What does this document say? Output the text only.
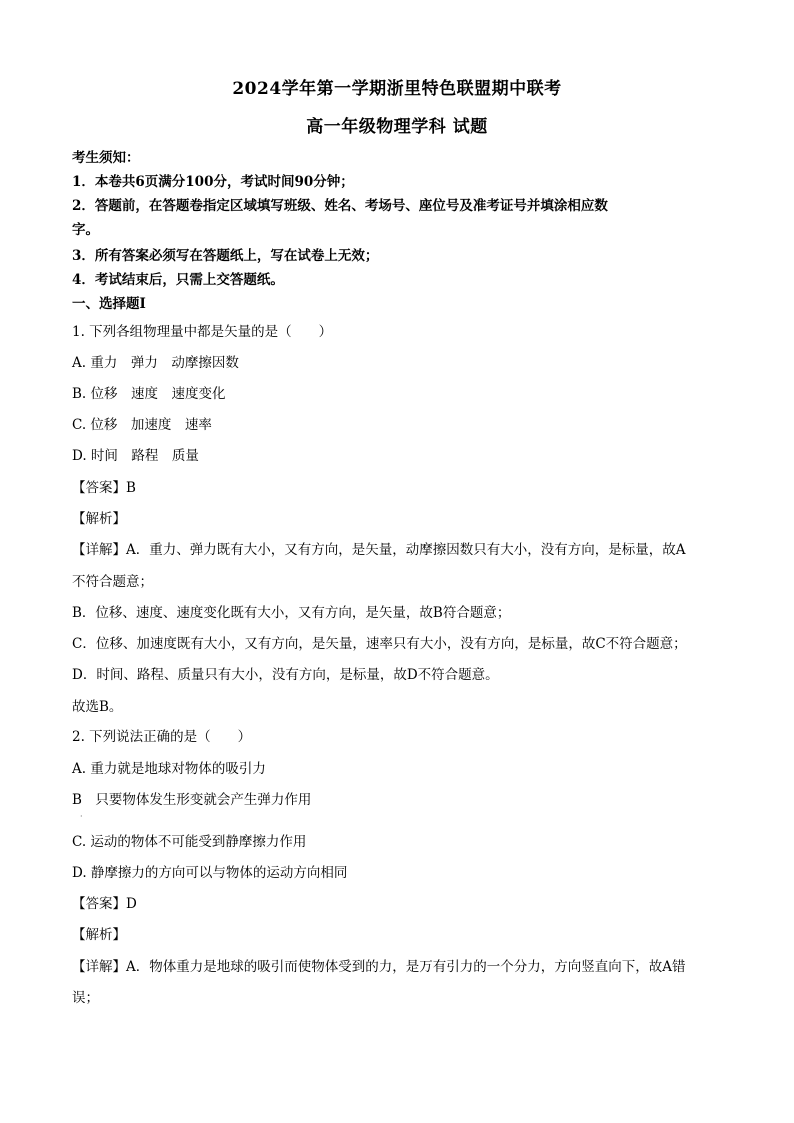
2024学年第一学期浙里特色联盟期中联考
高一年级物理学科 试题
考生须知：
1．本卷共6页满分100分，考试时间90分钟；
2．答题前，在答题卷指定区域填写班级、姓名、考场号、座位号及准考证号并填涂相应数
字。
3．所有答案必须写在答题纸上，写在试卷上无效；
4．考试结束后，只需上交答题纸。
一、选择题Ⅰ
1. 下列各组物理量中都是矢量的是（　　）
A. 重力　弹力　动摩擦因数
B. 位移　速度　速度变化
C. 位移　加速度　速率
D. 时间　路程　质量
【答案】B
【解析】
【详解】A．重力、弹力既有大小，又有方向，是矢量，动摩擦因数只有大小，没有方向，是标量，故A
不符合题意；
B．位移、速度、速度变化既有大小，又有方向，是矢量，故B符合题意；
C．位移、加速度既有大小，又有方向，是矢量，速率只有大小，没有方向，是标量，故C不符合题意；
D．时间、路程、质量只有大小，没有方向，是标量，故D不符合题意。
故选B。
2. 下列说法正确的是（　　）
A. 重力就是地球对物体的吸引力
B　只要物体发生形变就会产生弹力作用
·
C. 运动的物体不可能受到静摩擦力作用
D. 静摩擦力的方向可以与物体的运动方向相同
【答案】D
【解析】
【详解】A．物体重力是地球的吸引而使物体受到的力，是万有引力的一个分力，方向竖直向下，故A错
误；
